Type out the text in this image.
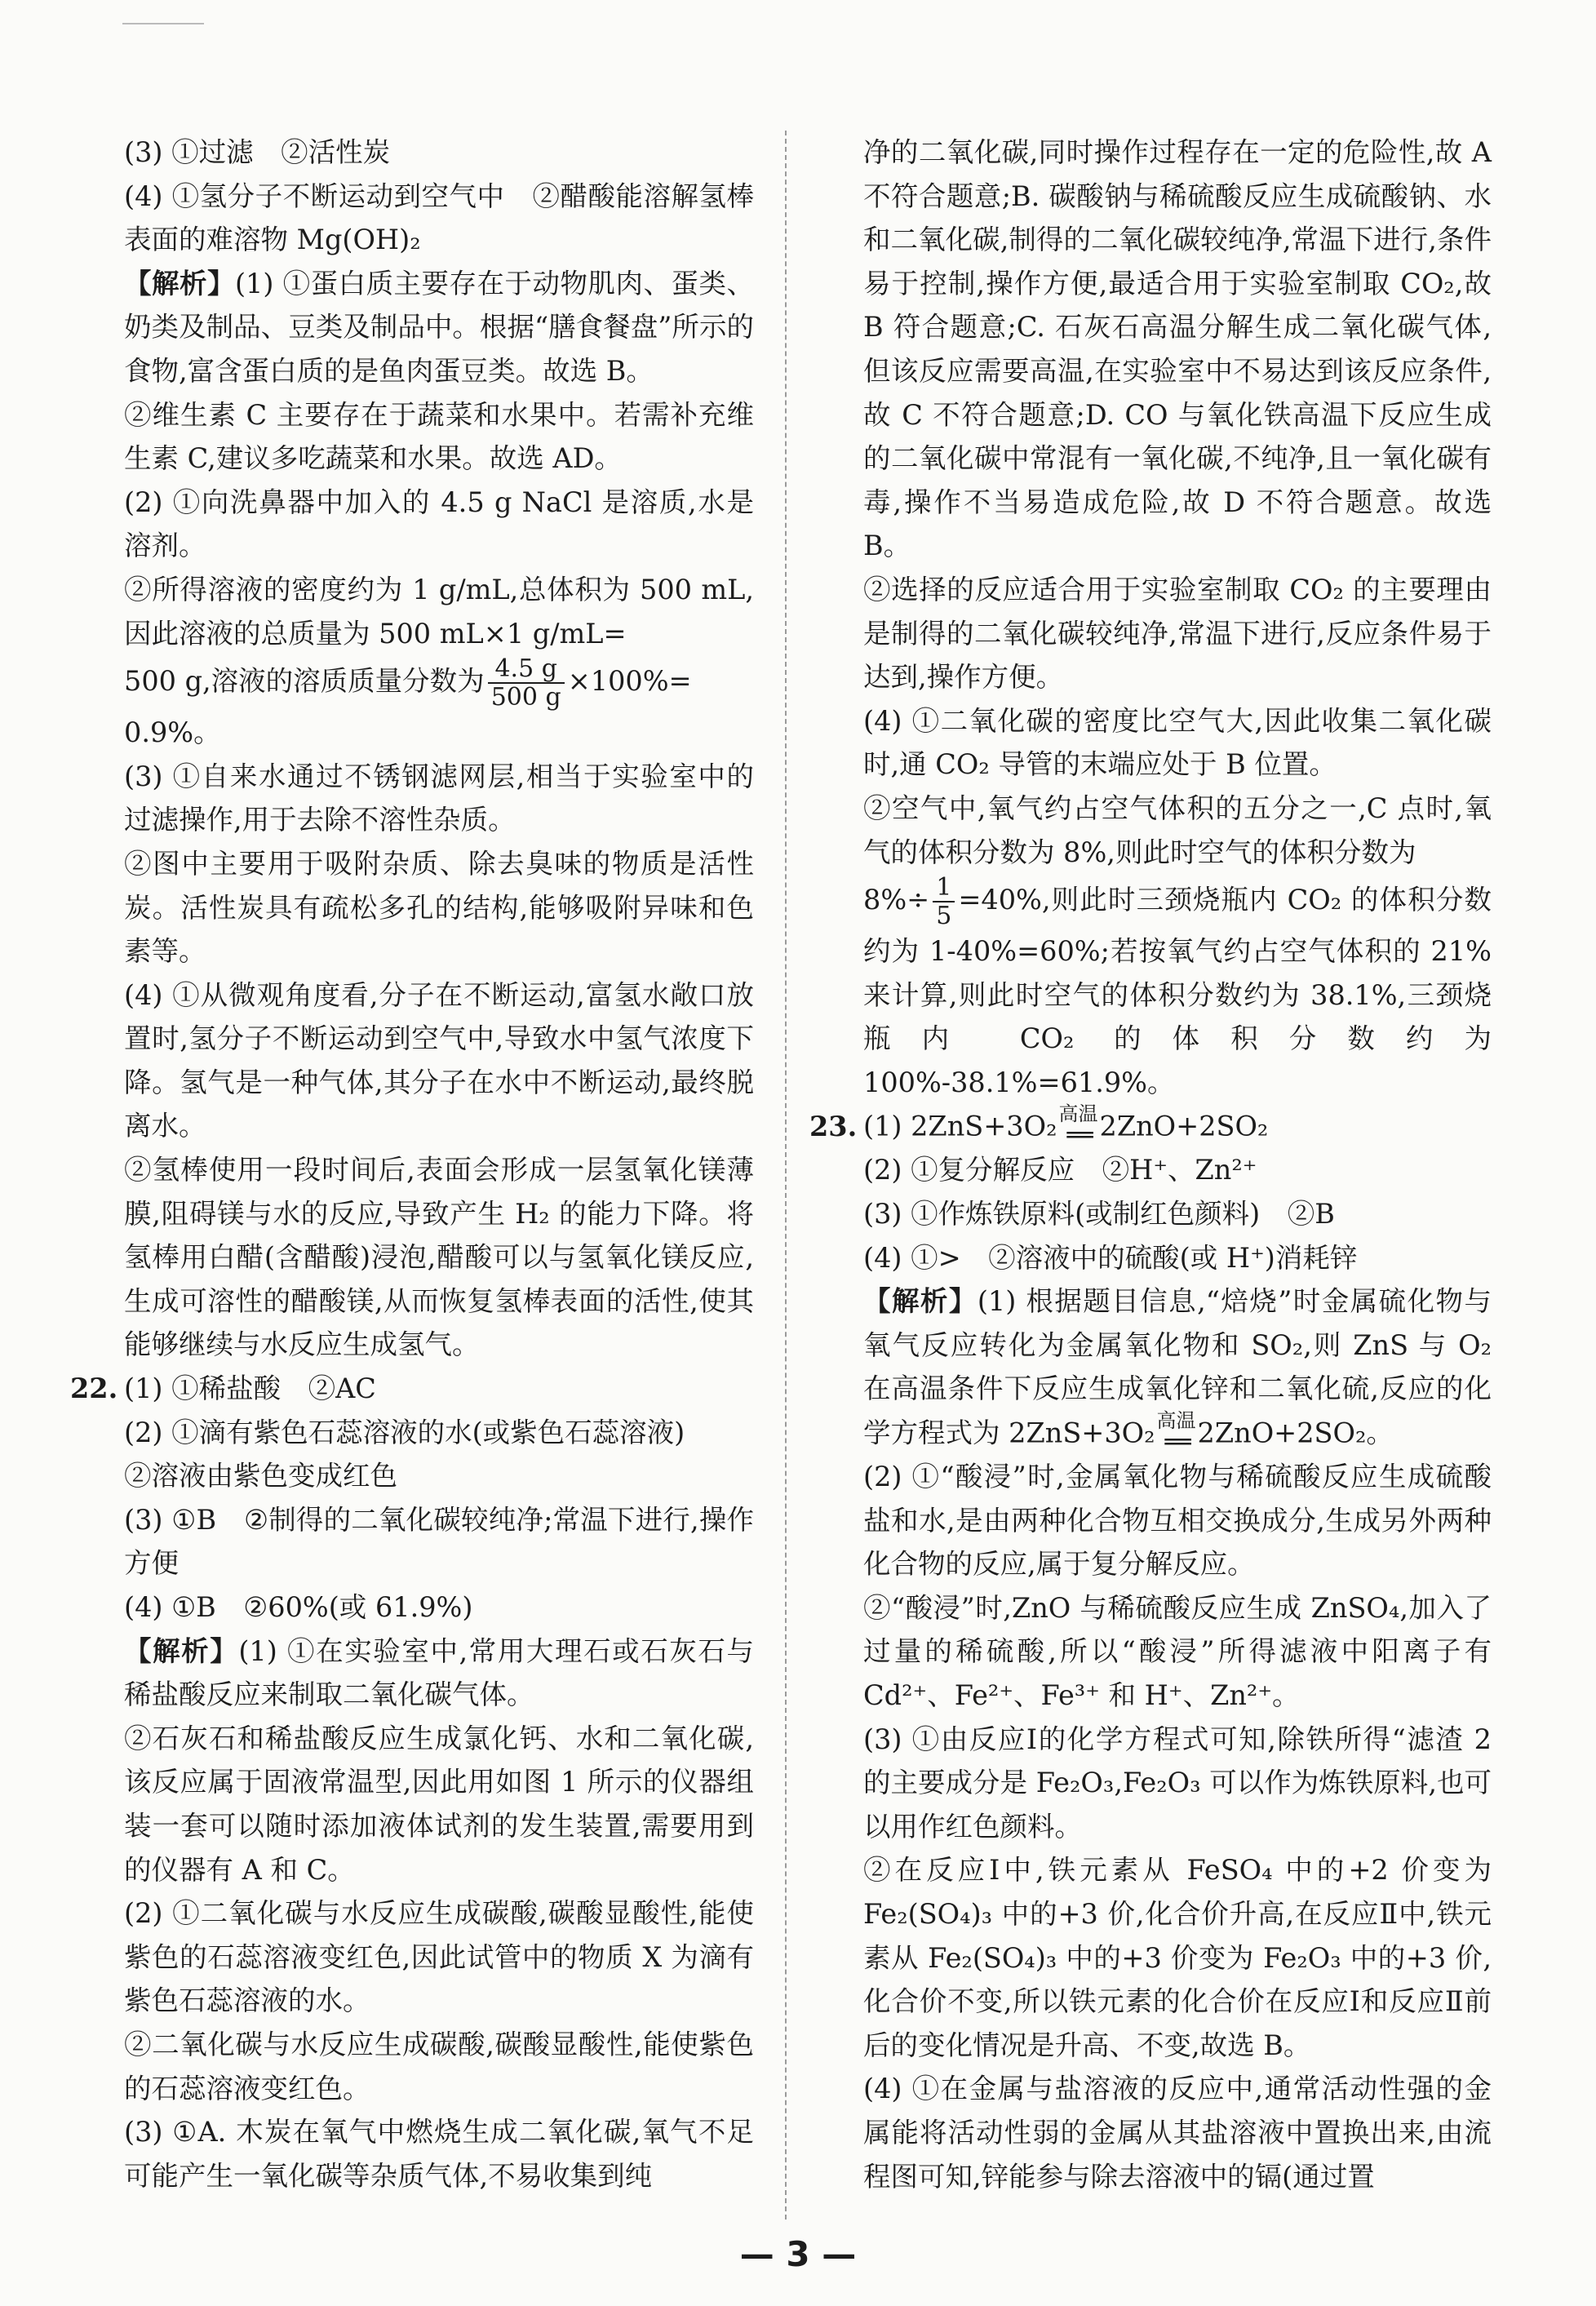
(3) ①过滤　②活性炭

(4) ①氢分子不断运动到空气中　②醋酸能溶解氢棒表面的难溶物 Mg(OH)₂

【解析】(1) ①蛋白质主要存在于动物肌肉、蛋类、奶类及制品、豆类及制品中。根据“膳食餐盘”所示的食物,富含蛋白质的是鱼肉蛋豆类。故选 B。

②维生素 C 主要存在于蔬菜和水果中。若需补充维生素 C,建议多吃蔬菜和水果。故选 AD。

(2) ①向洗鼻器中加入的 4.5 g NaCl 是溶质,水是溶剂。

②所得溶液的密度约为 1 g/mL,总体积为 500 mL,因此溶液的总质量为 500 mL×1 g/mL=
500 g,溶液的溶质质量分数为 $\frac{4.5 g}{500 g} \times 100\%=$
0.9%。

(3) ①自来水通过不锈钢滤网层,相当于实验室中的过滤操作,用于去除不溶性杂质。

②图中主要用于吸附杂质、除去臭味的物质是活性炭。活性炭具有疏松多孔的结构,能够吸附异味和色素等。

(4) ①从微观角度看,分子在不断运动,富氢水敞口放置时,氢分子不断运动到空气中,导致水中氢气浓度下降。氢气是一种气体,其分子在水中不断运动,最终脱离水。

②氢棒使用一段时间后,表面会形成一层氢氧化镁薄膜,阻碍镁与水的反应,导致产生 H₂ 的能力下降。将氢棒用白醋(含醋酸)浸泡,醋酸可以与氢氧化镁反应,生成可溶性的醋酸镁,从而恢复氢棒表面的活性,使其能够继续与水反应生成氢气。

22. (1) ①稀盐酸　②AC

(2) ①滴有紫色石蕊溶液的水(或紫色石蕊溶液)

②溶液由紫色变成红色

(3) ①B　②制得的二氧化碳较纯净;常温下进行,操作方便

(4) ①B　②60%(或 61.9%)

【解析】(1) ①在实验室中,常用大理石或石灰石与稀盐酸反应来制取二氧化碳气体。

②石灰石和稀盐酸反应生成氯化钙、水和二氧化碳,该反应属于固液常温型,因此用如图 1 所示的仪器组装一套可以随时添加液体试剂的发生装置,需要用到的仪器有 A 和 C。

(2) ①二氧化碳与水反应生成碳酸,碳酸显酸性,能使紫色的石蕊溶液变红色,因此试管中的物质 X 为滴有紫色石蕊溶液的水。

②二氧化碳与水反应生成碳酸,碳酸显酸性,能使紫色的石蕊溶液变红色。

(3) ①A. 木炭在氧气中燃烧生成二氧化碳,氧气不足可能产生一氧化碳等杂质气体,不易收集到纯

净的二氧化碳,同时操作过程存在一定的危险性,故 A 不符合题意;B. 碳酸钠与稀硫酸反应生成硫酸钠、水和二氧化碳,制得的二氧化碳较纯净,常温下进行,条件易于控制,操作方便,最适合用于实验室制取 CO₂,故 B 符合题意;C. 石灰石高温分解生成二氧化碳气体,但该反应需要高温,在实验室中不易达到该反应条件,故 C 不符合题意;D. CO 与氧化铁高温下反应生成的二氧化碳中常混有一氧化碳,不纯净,且一氧化碳有毒,操作不当易造成危险,故 D 不符合题意。故选 B。

②选择的反应适合用于实验室制取 CO₂ 的主要理由是制得的二氧化碳较纯净,常温下进行,反应条件易于达到,操作方便。

(4) ①二氧化碳的密度比空气大,因此收集二氧化碳时,通 CO₂ 导管的末端应处于 B 位置。

②空气中,氧气约占空气体积的五分之一,C 点时,氧气的体积分数为 8%,则此时空气的体积分数为
$8\%\div \frac{1}{5} =40\%$,则此时三颈烧瓶内 CO₂ 的体积分数约为 1-40%=60%;若按氧气约占空气体积的 21%来计算,则此时空气的体积分数约为 38.1%,三颈烧瓶内 CO₂ 的体积分数约为 100%-38.1%=61.9%。

23. (1) 2ZnS+3O₂ 高温
══ 2ZnO+2SO₂

(2) ①复分解反应　②H⁺、Zn²⁺

(3) ①作炼铁原料(或制红色颜料)　②B

(4) ①>　②溶液中的硫酸(或 H⁺)消耗锌

【解析】(1) 根据题目信息,“焙烧”时金属硫化物与氧气反应转化为金属氧化物和 SO₂,则 ZnS 与 O₂ 在高温条件下反应生成氧化锌和二氧化硫,反应的化学方程式为 2ZnS+3O₂ 高温
══ 2ZnO+2SO₂。

(2) ①“酸浸”时,金属氧化物与稀硫酸反应生成硫酸盐和水,是由两种化合物互相交换成分,生成另外两种化合物的反应,属于复分解反应。

②“酸浸”时,ZnO 与稀硫酸反应生成 ZnSO₄,加入了过量的稀硫酸,所以“酸浸”所得滤液中阳离子有 Cd²⁺、Fe²⁺、Fe³⁺ 和 H⁺、Zn²⁺。

(3) ①由反应Ⅰ的化学方程式可知,除铁所得“滤渣 2 的主要成分是 Fe₂O₃,Fe₂O₃ 可以作为炼铁原料,也可以用作红色颜料。

②在反应Ⅰ中,铁元素从 FeSO₄ 中的+2 价变为 Fe₂(SO₄)₃ 中的+3 价,化合价升高,在反应Ⅱ中,铁元素从 Fe₂(SO₄)₃ 中的+3 价变为 Fe₂O₃ 中的+3 价,化合价不变,所以铁元素的化合价在反应Ⅰ和反应Ⅱ前后的变化情况是升高、不变,故选 B。

(4) ①在金属与盐溶液的反应中,通常活动性强的金属能将活动性弱的金属从其盐溶液中置换出来,由流程图可知,锌能参与除去溶液中的镉(通过置

— 3 —
